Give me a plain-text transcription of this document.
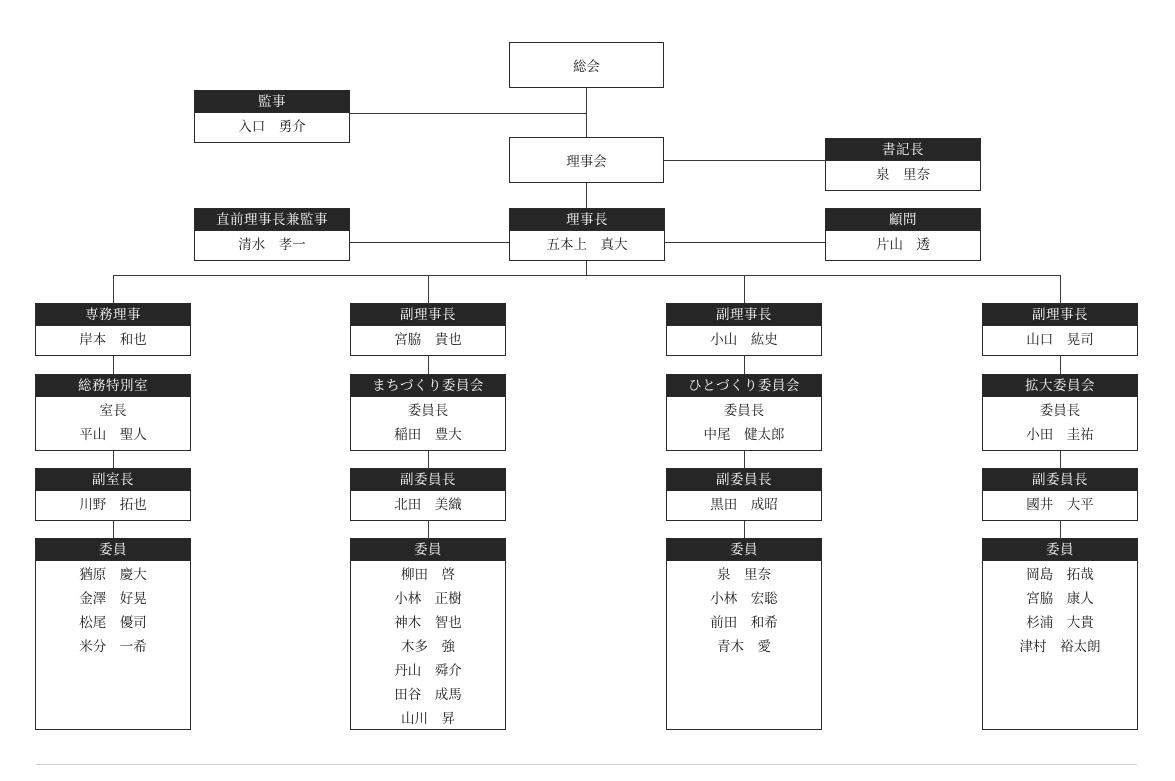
総会
監事
入口　勇介
理事会
書記長
泉　里奈
直前理事長兼監事
清水　孝一
理事長
五本上　真大
顧問
片山　透
専務理事
岸本　和也
総務特別室
室長
平山　聖人
副室長
川野　拓也
委員
猶原　慶大
金澤　好晃
松尾　優司
米分　一希
副理事長
宮脇　貴也
まちづくり委員会
委員長
稲田　豊大
副委員長
北田　美織
委員
柳田　啓
小林　正樹
神木　智也
木多　強
丹山　舜介
田谷　成馬
山川　昇
副理事長
小山　紘史
ひとづくり委員会
委員長
中尾　健太郎
副委員長
黒田　成昭
委員
泉　里奈
小林　宏聡
前田　和希
青木　愛
副理事長
山口　晃司
拡大委員会
委員長
小田　圭祐
副委員長
國井　大平
委員
岡島　拓哉
宮脇　康人
杉浦　大貴
津村　裕太朗
